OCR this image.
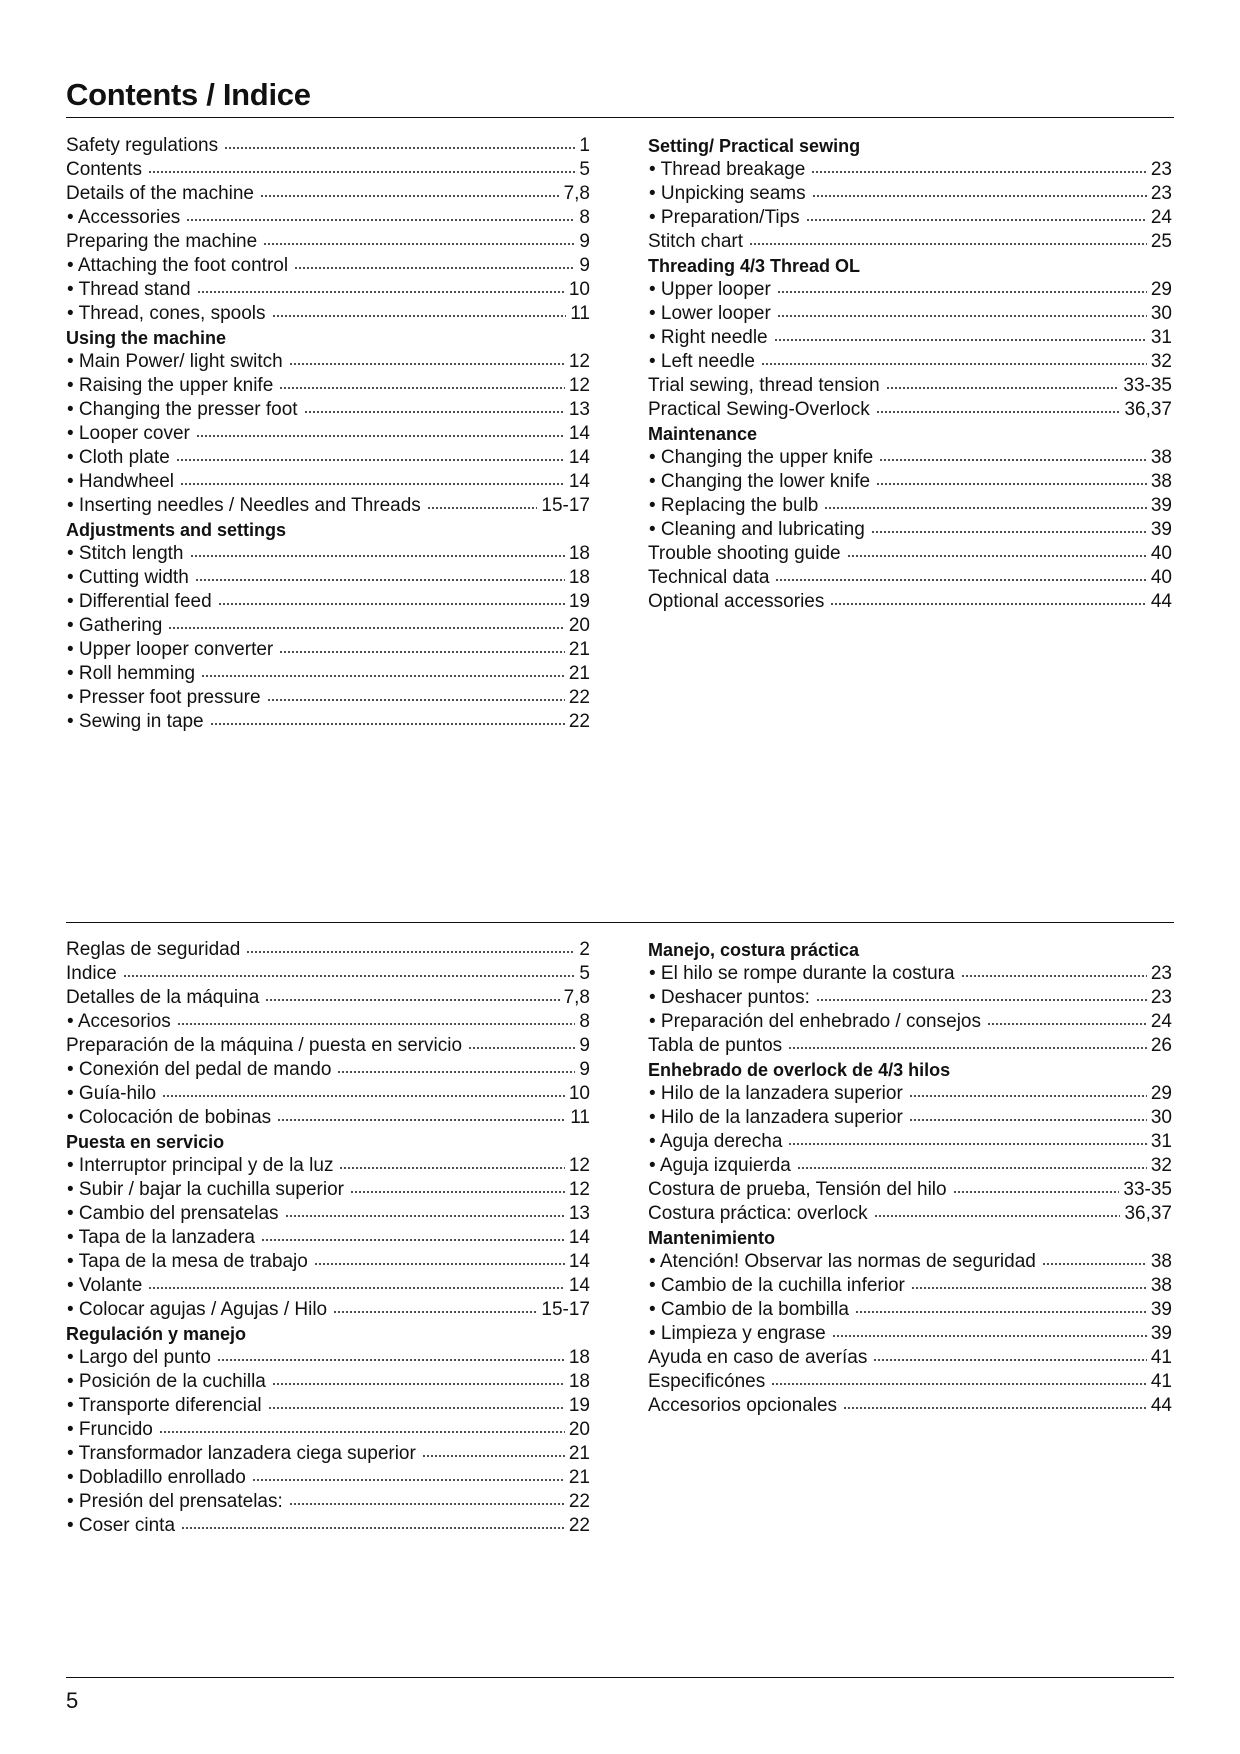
Contents / Indice
Safety regulations	1
Contents	5
Details of the machine	7,8
• Accessories	8
Preparing the machine	9
• Attaching the foot control	9
• Thread stand	10
• Thread, cones, spools	11
Using the machine
• Main Power/ light switch	12
• Raising the upper knife	12
• Changing the presser foot	13
• Looper cover	14
• Cloth plate	14
• Handwheel	14
• Inserting needles / Needles and Threads	15-17
Adjustments and settings
• Stitch length	18
• Cutting width	18
• Differential feed	19
• Gathering	20
• Upper looper converter	21
• Roll hemming	21
• Presser foot pressure	22
• Sewing in tape	22
Setting/ Practical sewing
• Thread breakage	23
• Unpicking seams	23
• Preparation/Tips	24
Stitch chart	25
Threading 4/3 Thread OL
• Upper looper	29
• Lower looper	30
• Right needle	31
• Left needle	32
Trial sewing, thread tension	33-35
Practical Sewing-Overlock	36,37
Maintenance
• Changing the upper knife	38
• Changing the lower knife	38
• Replacing the bulb	39
• Cleaning and lubricating	39
Trouble shooting guide	40
Technical data	40
Optional accessories	44
Reglas de seguridad	2
Indice	5
Detalles de la máquina	7,8
• Accesorios	8
Preparación de la máquina / puesta en servicio	9
• Conexión del pedal de mando	9
• Guía-hilo	10
• Colocación de bobinas	11
Puesta en servicio
• Interruptor principal y de la luz	12
• Subir / bajar la cuchilla superior	12
• Cambio del prensatelas	13
• Tapa de la lanzadera	14
• Tapa de la mesa de trabajo	14
• Volante	14
• Colocar agujas / Agujas / Hilo	15-17
Regulación y manejo
• Largo del punto	18
• Posición de la cuchilla	18
• Transporte diferencial	19
• Fruncido	20
• Transformador lanzadera ciega superior	21
• Dobladillo enrollado	21
• Presión del prensatelas:	22
• Coser cinta	22
Manejo, costura práctica
• El hilo se rompe durante la costura	23
• Deshacer puntos:	23
• Preparación del enhebrado / consejos	24
Tabla de puntos	26
Enhebrado de overlock de 4/3 hilos
• Hilo de la lanzadera superior	29
• Hilo de la lanzadera superior	30
• Aguja derecha	31
• Aguja izquierda	32
Costura de prueba, Tensión del hilo	33-35
Costura práctica: overlock	36,37
Mantenimiento
• Atención! Observar las normas de seguridad	38
• Cambio de la cuchilla inferior	38
• Cambio de la bombilla	39
• Limpieza y engrase	39
Ayuda en caso de averías	41
Especificónes	41
Accesorios opcionales	44
5
